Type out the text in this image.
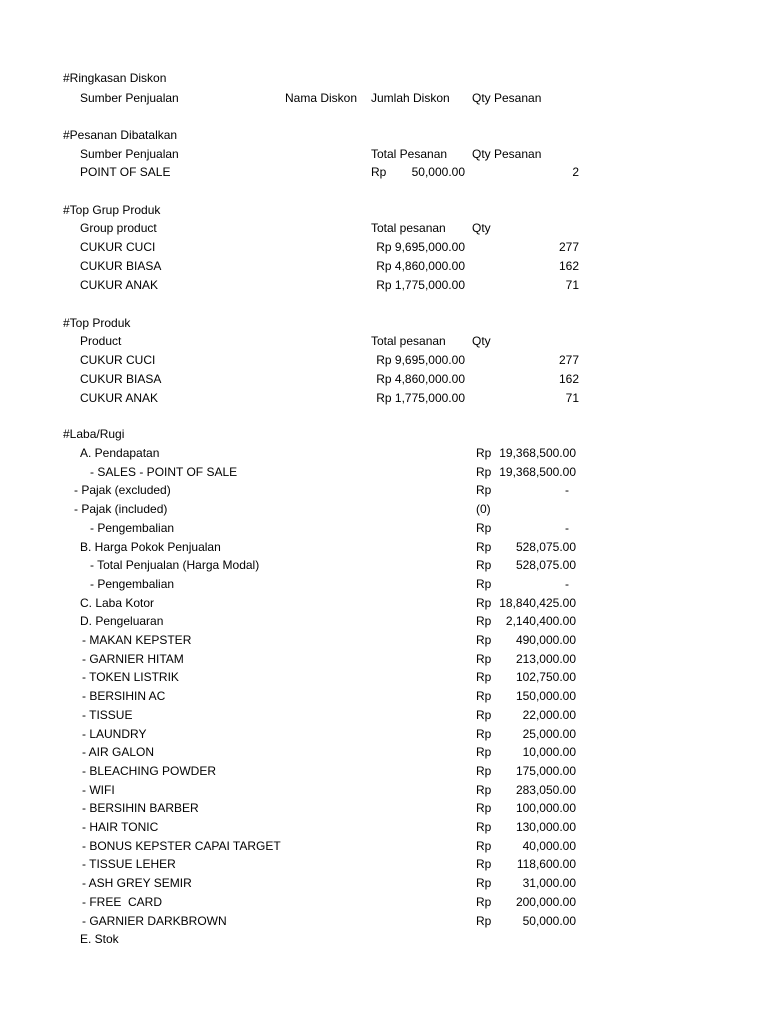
#Ringkasan Diskon
Sumber Penjualan	Nama Diskon Jumlah Diskon Qty Pesanan
#Pesanan Dibatalkan
Sumber Penjualan	Total Pesanan Qty Pesanan
POINT OF SALE	Rp 50,000.00	2
#Top Grup Produk
Group product	Total pesanan Qty
CUKUR CUCI	Rp 9,695,000.00	277
CUKUR BIASA	Rp 4,860,000.00	162
CUKUR ANAK	Rp 1,775,000.00	71
#Top Produk
Product	Total pesanan Qty
CUKUR CUCI	Rp 9,695,000.00	277
CUKUR BIASA	Rp 4,860,000.00	162
CUKUR ANAK	Rp 1,775,000.00	71
#Laba/Rugi
A. Pendapatan	Rp 19,368,500.00
- SALES - POINT OF SALE	Rp 19,368,500.00
- Pajak (excluded)	Rp	-
- Pajak (included)	(0)
- Pengembalian	Rp	-
B. Harga Pokok Penjualan	Rp 528,075.00
- Total Penjualan (Harga Modal)	Rp 528,075.00
- Pengembalian	Rp	-
C. Laba Kotor	Rp 18,840,425.00
D. Pengeluaran	Rp 2,140,400.00
- MAKAN KEPSTER	Rp 490,000.00
- GARNIER HITAM	Rp 213,000.00
- TOKEN LISTRIK	Rp 102,750.00
- BERSIHIN AC	Rp 150,000.00
- TISSUE	Rp	22,000.00
- LAUNDRY	Rp	25,000.00
- AIR GALON	Rp	10,000.00
- BLEACHING POWDER	Rp 175,000.00
- WIFI	Rp 283,050.00
- BERSIHIN BARBER	Rp 100,000.00
- HAIR TONIC	Rp 130,000.00
- BONUS KEPSTER CAPAI TARGET	Rp	40,000.00
- TISSUE LEHER	Rp 118,600.00
- ASH GREY SEMIR	Rp	31,000.00
- FREE  CARD	Rp 200,000.00
- GARNIER DARKBROWN	Rp	50,000.00
E. Stok
